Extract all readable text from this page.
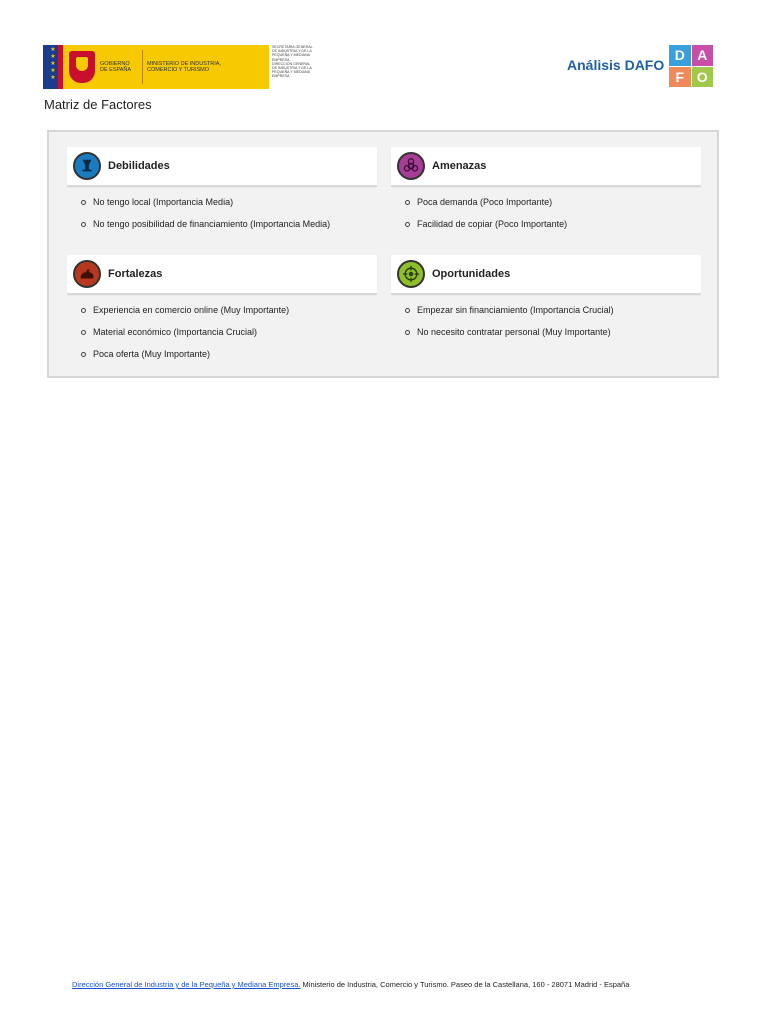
★
★
★
★
★
GOBIERNO DE ESPAÑA
MINISTERIO DE INDUSTRIA, COMERCIO Y TURISMO
SECRETARÍA GENERAL DE INDUSTRIA Y DE LA PEQUEÑA Y MEDIANA EMPRESA
DIRECCIÓN GENERAL DE INDUSTRIA Y DE LA PEQUEÑA Y MEDIANA EMPRESA
Análisis DAFO
D A
F O
Matriz de Factores
Debilidades
No tengo local (Importancia Media)
No tengo posibilidad de financiamiento (Importancia Media)
Amenazas
Poca demanda (Poco Importante)
Facilidad de copiar (Poco Importante)
Fortalezas
Experiencia en comercio online (Muy Importante)
Material económico (Importancia Crucial)
Poca oferta (Muy Importante)
Oportunidades
Empezar sin financiamiento (Importancia Crucial)
No necesito contratar personal (Muy Importante)
Dirección General de Industria y de la Pequeña y Mediana Empresa. Ministerio de Industria, Comercio y Turismo. Paseo de la Castellana, 160 - 28071 Madrid - España
